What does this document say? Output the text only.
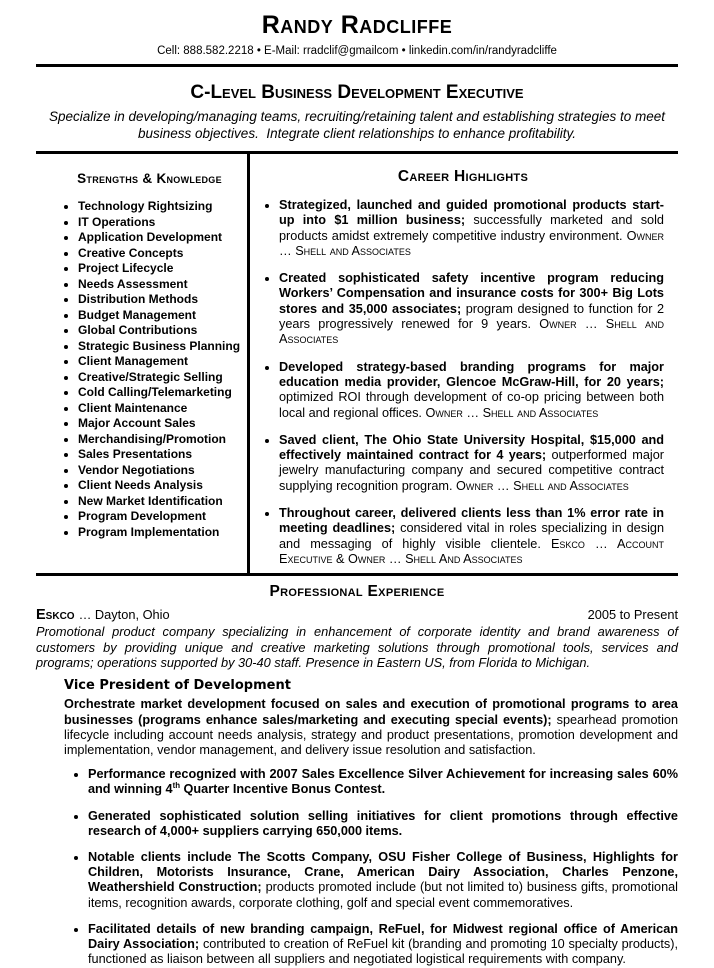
Randy Radcliffe
Cell: 888.582.2218 • E-Mail: rradclif@gmailcom • linkedin.com/in/randyradcliffe
C-Level Business Development Executive
Specialize in developing/managing teams, recruiting/retaining talent and establishing strategies to meet business objectives.  Integrate client relationships to enhance profitability.
Strengths & Knowledge
• Technology Rightsizing
• IT Operations
• Application Development
• Creative Concepts
• Project Lifecycle
• Needs Assessment
• Distribution Methods
• Budget Management
• Global Contributions
• Strategic Business Planning
• Client Management
• Creative/Strategic Selling
• Cold Calling/Telemarketing
• Client Maintenance
• Major Account Sales
• Merchandising/Promotion
• Sales Presentations
• Vendor Negotiations
• Client Needs Analysis
• New Market Identification
• Program Development
• Program Implementation
Career Highlights
• Strategized, launched and guided promotional products start-up into $1 million business; successfully marketed and sold products amidst extremely competitive industry environment. Owner … Shell and Associates
• Created sophisticated safety incentive program reducing Workers’ Compensation and insurance costs for 300+ Big Lots stores and 35,000 associates; program designed to function for 2 years progressively renewed for 9 years. Owner … Shell and Associates
• Developed strategy-based branding programs for major education media provider, Glencoe McGraw-Hill, for 20 years; optimized ROI through development of co-op pricing between both local and regional offices. Owner … Shell and Associates
• Saved client, The Ohio State University Hospital, $15,000 and effectively maintained contract for 4 years; outperformed major jewelry manufacturing company and secured competitive contract supplying recognition program. Owner … Shell and Associates
• Throughout career, delivered clients less than 1% error rate in meeting deadlines; considered vital in roles specializing in design and messaging of highly visible clientele. Eskco … Account Executive & Owner … Shell And Associates
Professional Experience
Eskco … Dayton, Ohio	2005 to Present
Promotional product company specializing in enhancement of corporate identity and brand awareness of customers by providing unique and creative marketing solutions through promotional tools, services and programs; operations supported by 30-40 staff. Presence in Eastern US, from Florida to Michigan.
Vice President of Development
Orchestrate market development focused on sales and execution of promotional programs to area businesses (programs enhance sales/marketing and executing special events); spearhead promotion lifecycle including account needs analysis, strategy and product presentations, promotion development and implementation, vendor management, and delivery issue resolution and satisfaction.
• Performance recognized with 2007 Sales Excellence Silver Achievement for increasing sales 60% and winning 4th Quarter Incentive Bonus Contest.
• Generated sophisticated solution selling initiatives for client promotions through effective research of 4,000+ suppliers carrying 650,000 items.
• Notable clients include The Scotts Company, OSU Fisher College of Business, Highlights for Children, Motorists Insurance, Crane, American Dairy Association, Charles Penzone, Weathershield Construction; products promoted include (but not limited to) business gifts, promotional items, recognition awards, corporate clothing, golf and special event commemoratives.
• Facilitated details of new branding campaign, ReFuel, for Midwest regional office of American Dairy Association; contributed to creation of ReFuel kit (branding and promoting 10 specialty products), functioned as liaison between all suppliers and negotiated logistical requirements with company.
